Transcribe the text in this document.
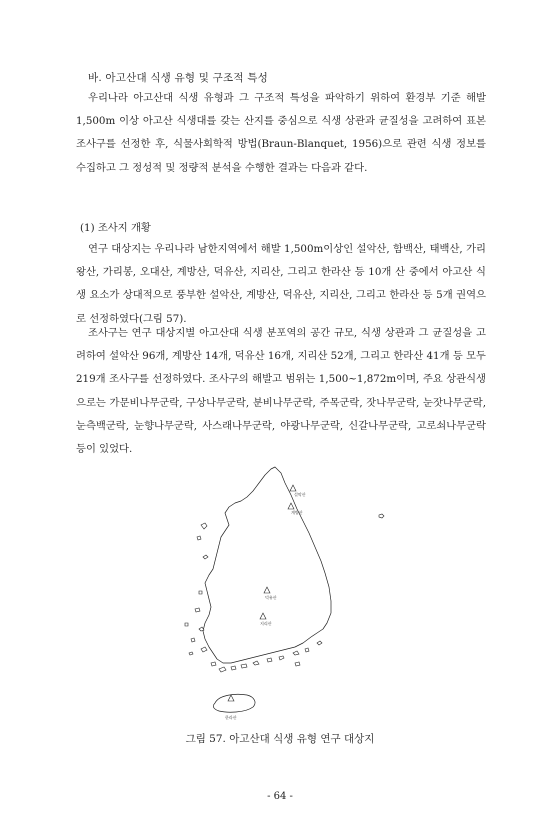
바. 아고산대 식생 유형 및 구조적 특성

우리나라 아고산대 식생 유형과 그 구조적 특성을 파악하기 위하여 환경부 기준 해발 1,500m 이상 아고산 식생대를 갖는 산지를 중심으로 식생 상관과 균질성을 고려하여 표본 조사구를 선정한 후, 식물사회학적 방법(Braun-Blanquet, 1956)으로 관련 식생 정보를 수집하고 그 정성적 및 정량적 분석을 수행한 결과는 다음과 같다.

(1) 조사지 개황

연구 대상지는 우리나라 남한지역에서 해발 1,500m이상인 설악산, 함백산, 태백산, 가리왕산, 가리봉, 오대산, 계방산, 덕유산, 지리산, 그리고 한라산 등 10개 산 중에서 아고산 식생 요소가 상대적으로 풍부한 설악산, 계방산, 덕유산, 지리산, 그리고 한라산 등 5개 권역으로 선정하였다(그림 57).

조사구는 연구 대상지별 아고산대 식생 분포역의 공간 규모, 식생 상관과 그 균질성을 고려하여 설악산 96개, 계방산 14개, 덕유산 16개, 지리산 52개, 그리고 한라산 41개 등 모두 219개 조사구를 선정하였다. 조사구의 해발고 범위는 1,500~1,872m이며, 주요 상관식생으로는 가문비나무군락, 구상나무군락, 분비나무군락, 주목군락, 잣나무군락, 눈잣나무군락, 눈측백군락, 눈향나무군락, 사스래나무군락, 야광나무군락, 신갈나무군락, 고로쇠나무군락 등이 있었다.

설악산
계방산
덕유산
지리산
한라산
그림 57. 아고산대 식생 유형 연구 대상지
- 64 -
